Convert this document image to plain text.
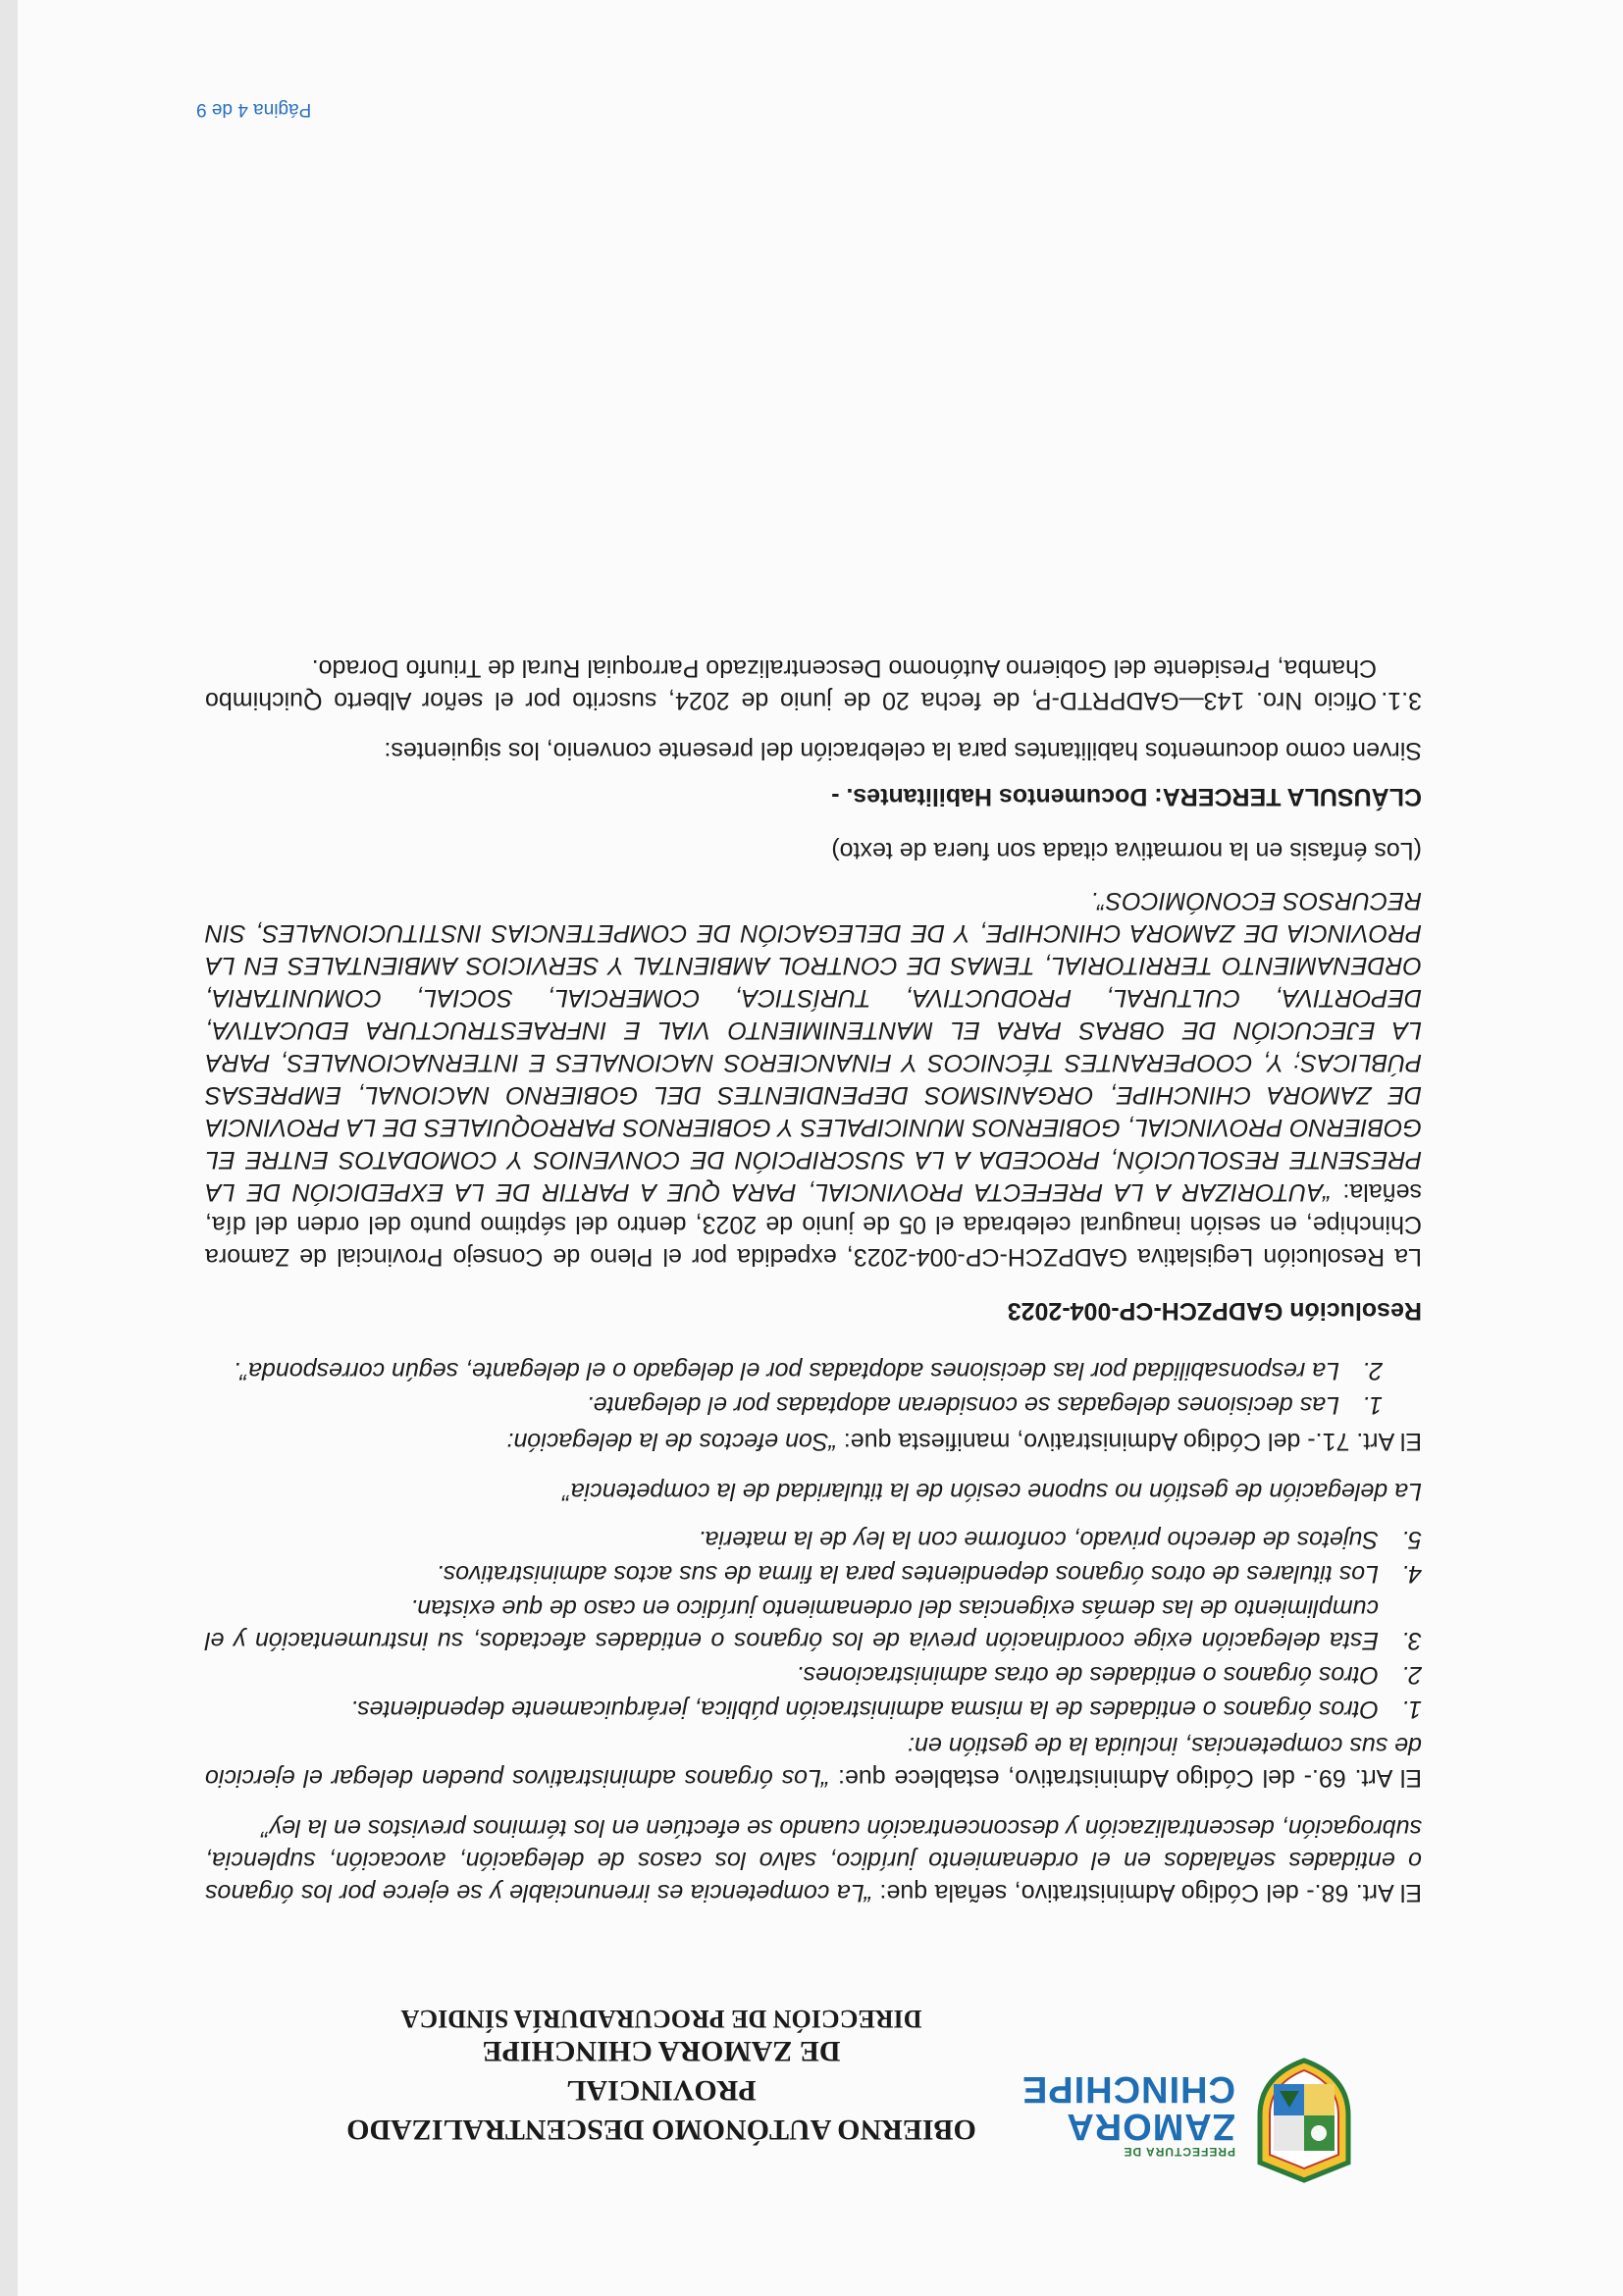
PREFECTURA DE
ZAMORA
CHINCHIPE
OBIERNO AUTÓNOMO DESCENTRALIZADO PROVINCIAL
DE ZAMORA CHINCHIPE
DIRECCIÓN DE PROCURADURÍA SÍNDICA

El Art. 68.- del Código Administrativo, señala que: “La competencia es irrenunciable y se ejerce por los órganos o entidades señalados en el ordenamiento jurídico, salvo los casos de delegación, avocación, suplencia, subrogación, descentralización y desconcentración cuando se efectúen en los términos previstos en la ley”

El Art. 69.- del Código Administrativo, establece que: “Los órganos administrativos pueden delegar el ejercicio de sus competencias, incluida la de gestión en:

1.
Otros órganos o entidades de la misma administración pública, jerárquicamente dependientes.
2.
Otros órganos o entidades de otras administraciones.
3.
Esta delegación exige coordinación previa de los órganos o entidades afectados, su instrumentación y el cumplimiento de las demás exigencias del ordenamiento jurídico en caso de que existan.
4.
Los titulares de otros órganos dependientes para la firma de sus actos administrativos.
5.
Sujetos de derecho privado, conforme con la ley de la materia.

La delegación de gestión no supone cesión de la titularidad de la competencia”

El Art. 71.- del Código Administrativo, manifiesta que: “Son efectos de la delegación:

1.
Las decisiones delegadas se consideran adoptadas por el delegante.
2.
La responsabilidad por las decisiones adoptadas por el delegado o el delegante, según corresponda”.
Resolución GADPZCH-CP-004-2023

La Resolución Legislativa GADPZCH-CP-004-2023, expedida por el Pleno de Consejo Provincial de Zamora Chinchipe, en sesión inaugural celebrada el 05 de junio de 2023, dentro del séptimo punto del orden del día, señala: “AUTORIZAR A LA PREFECTA PROVINCIAL, PARA QUE A PARTIR DE LA EXPEDICIÓN DE LA PRESENTE RESOLUCIÓN, PROCEDA A LA SUSCRIPCIÓN DE CONVENIOS Y COMODATOS ENTRE EL GOBIERNO PROVINCIAL, GOBIERNOS MUNICIPALES Y GOBIERNOS PARROQUIALES DE LA PROVINCIA DE ZAMORA CHINCHIPE, ORGANISMOS DEPENDIENTES DEL GOBIERNO NACIONAL, EMPRESAS PÚBLICAS; Y, COOPERANTES TÉCNICOS Y FINANCIEROS NACIONALES E INTERNACIONALES, PARA LA EJECUCIÓN DE OBRAS PARA EL MANTENIMIENTO VIAL E INFRAESTRUCTURA EDUCATIVA, DEPORTIVA, CULTURAL, PRODUCTIVA, TURÍSTICA, COMERCIAL, SOCIAL, COMUNITARIA, ORDENAMIENTO TERRITORIAL, TEMAS DE CONTROL AMBIENTAL Y SERVICIOS AMBIENTALES EN LA PROVINCIA DE ZAMORA CHINCHIPE, Y DE DELEGACIÓN DE COMPETENCIAS INSTITUCIONALES, SIN RECURSOS ECONÓMICOS”.

(Los énfasis en la normativa citada son fuera de texto)

CLÁUSULA TERCERA: Documentos Habilitantes. -

Sirven como documentos habilitantes para la celebración del presente convenio, los siguientes:

3.1.
Oficio Nro. 143—GADPRTD-P, de fecha 20 de junio de 2024, suscrito por el señor Alberto Quichimbo Chamba, Presidente del Gobierno Autónomo Descentralizado Parroquial Rural de Triunfo Dorado.
Página 4 de 9
